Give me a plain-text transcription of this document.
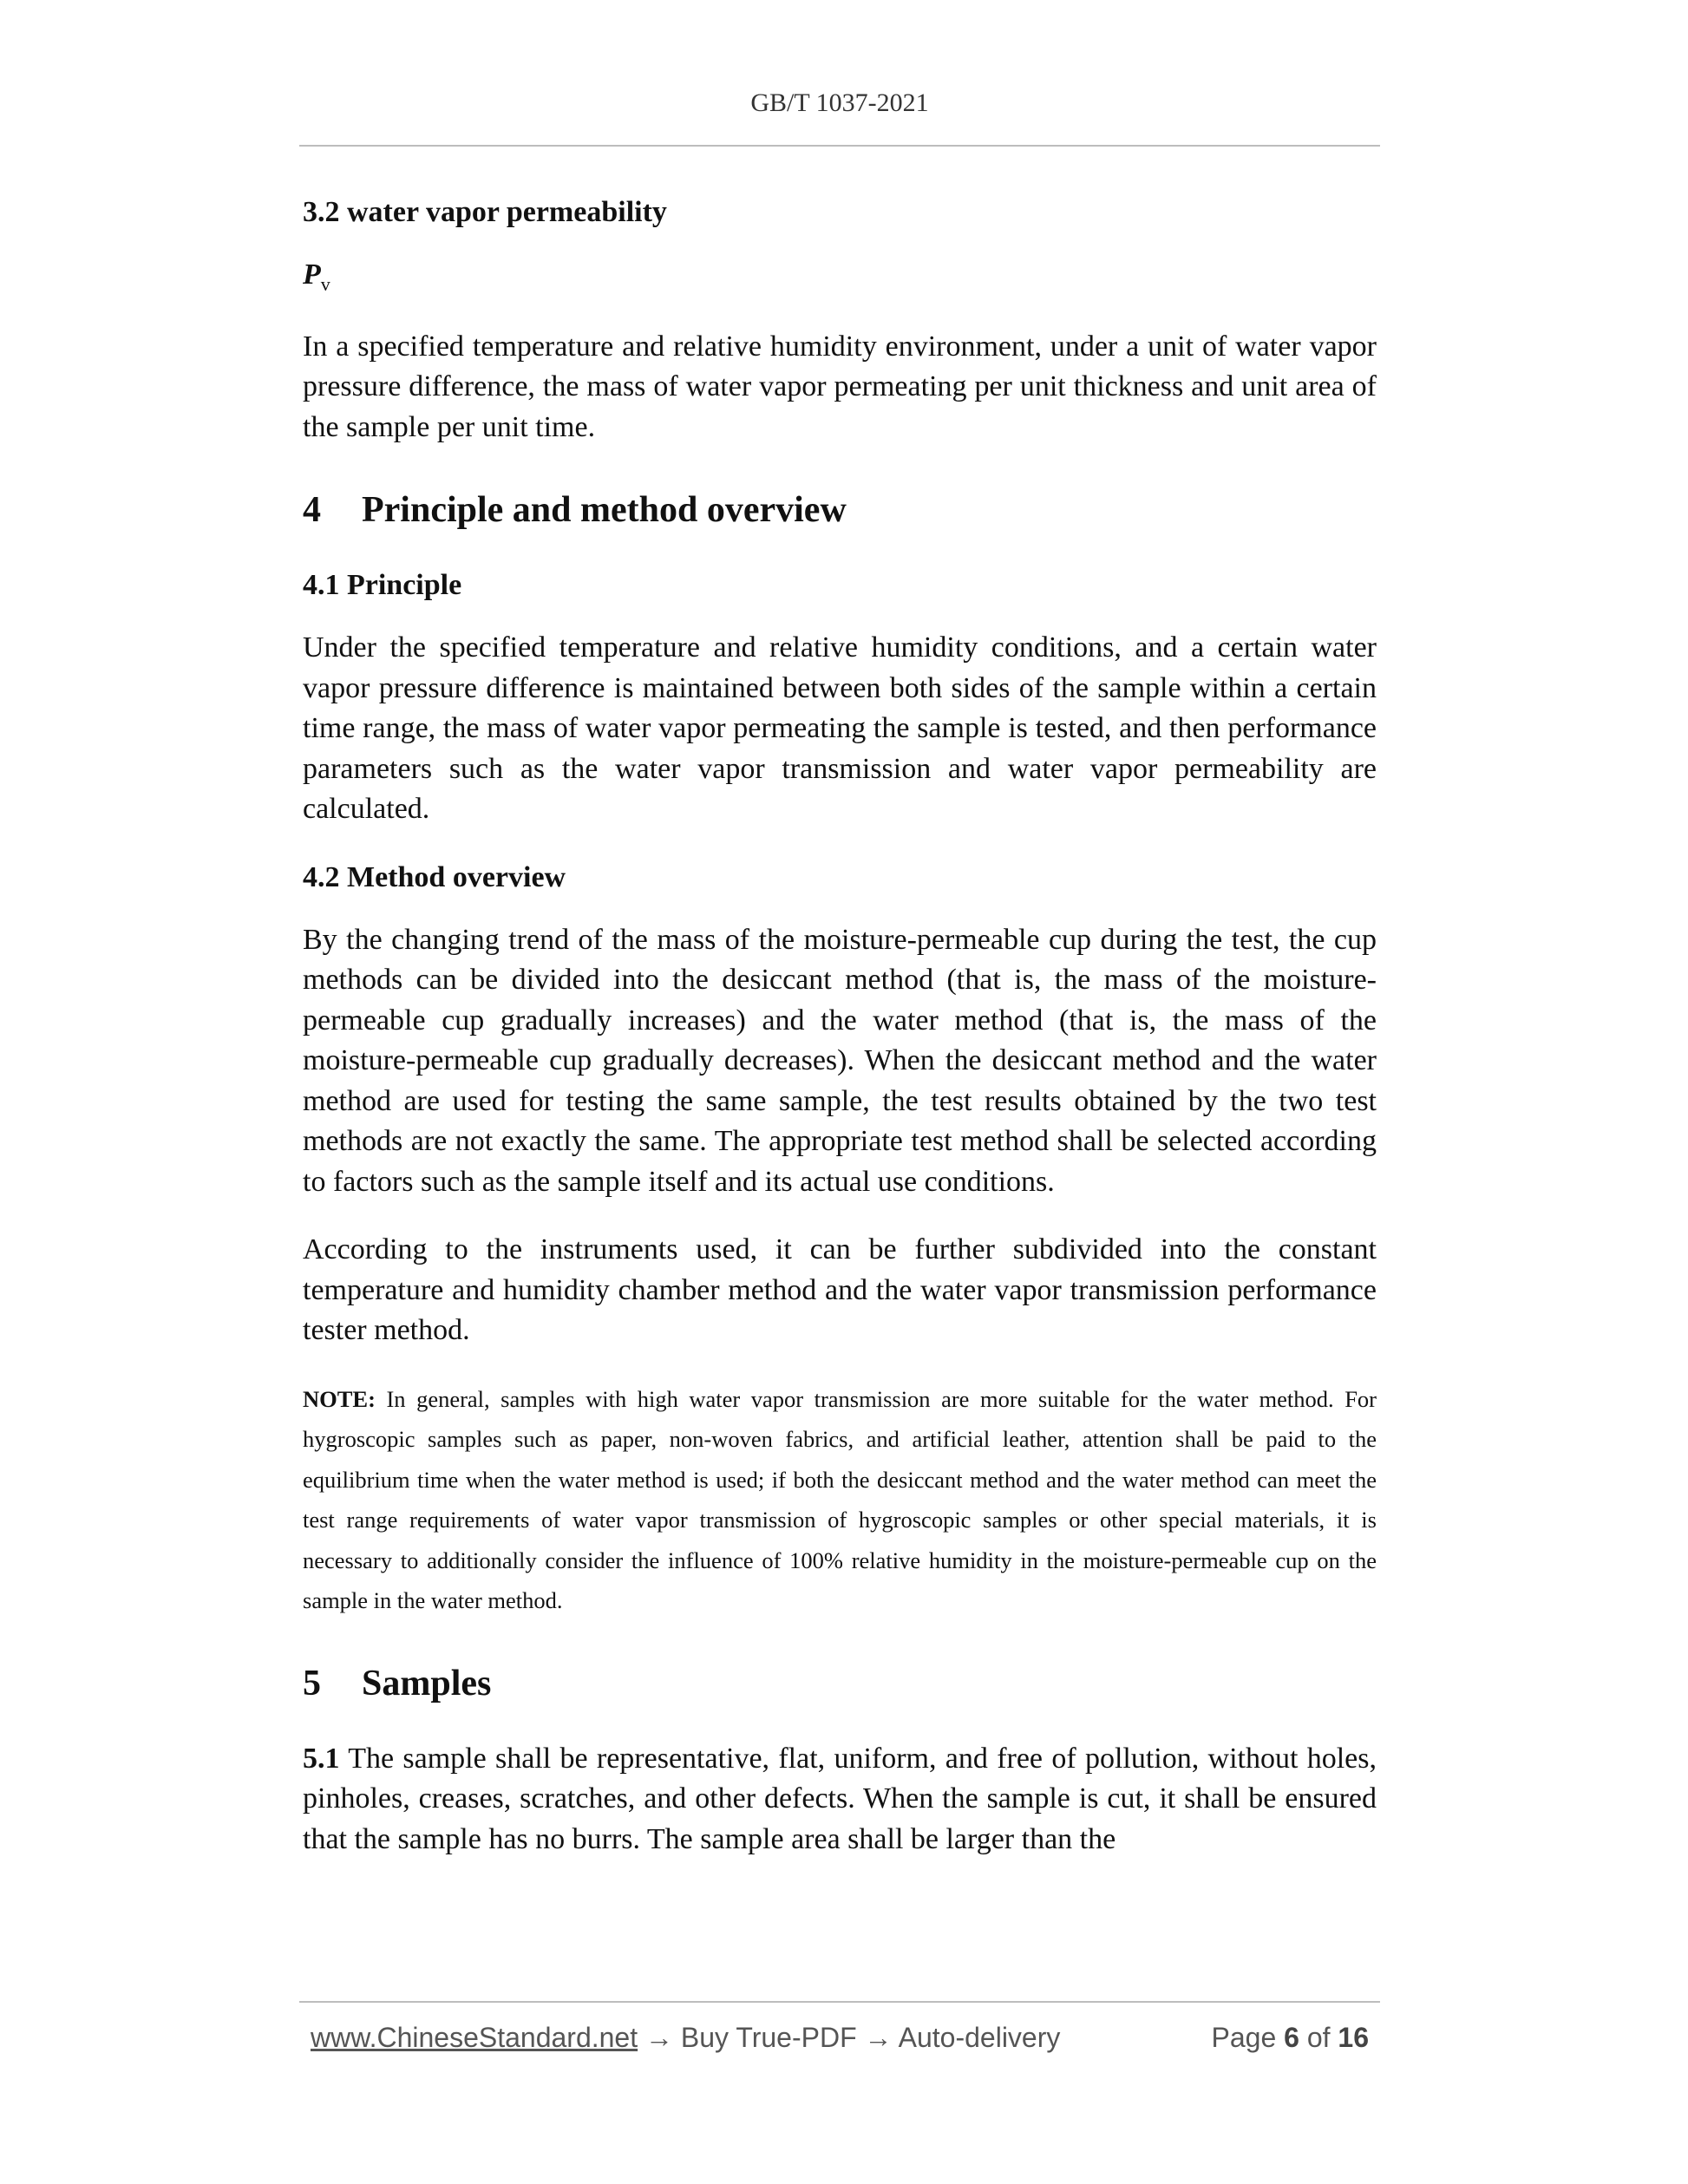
GB/T 1037-2021
3.2 water vapor permeability
$P_v$
In a specified temperature and relative humidity environment, under a unit of water vapor pressure difference, the mass of water vapor permeating per unit thickness and unit area of the sample per unit time.
4 Principle and method overview
4.1 Principle
Under the specified temperature and relative humidity conditions, and a certain water vapor pressure difference is maintained between both sides of the sample within a certain time range, the mass of water vapor permeating the sample is tested, and then performance parameters such as the water vapor transmission and water vapor permeability are calculated.
4.2 Method overview
By the changing trend of the mass of the moisture-permeable cup during the test, the cup methods can be divided into the desiccant method (that is, the mass of the moisture-permeable cup gradually increases) and the water method (that is, the mass of the moisture-permeable cup gradually decreases). When the desiccant method and the water method are used for testing the same sample, the test results obtained by the two test methods are not exactly the same. The appropriate test method shall be selected according to factors such as the sample itself and its actual use conditions.
According to the instruments used, it can be further subdivided into the constant temperature and humidity chamber method and the water vapor transmission performance tester method.
NOTE: In general, samples with high water vapor transmission are more suitable for the water method. For hygroscopic samples such as paper, non-woven fabrics, and artificial leather, attention shall be paid to the equilibrium time when the water method is used; if both the desiccant method and the water method can meet the test range requirements of water vapor transmission of hygroscopic samples or other special materials, it is necessary to additionally consider the influence of 100% relative humidity in the moisture-permeable cup on the sample in the water method.
5 Samples
5.1 The sample shall be representative, flat, uniform, and free of pollution, without holes, pinholes, creases, scratches, and other defects. When the sample is cut, it shall be ensured that the sample has no burrs. The sample area shall be larger than the
www.ChineseStandard.net → Buy True-PDF → Auto-delivery	Page 6 of 16
